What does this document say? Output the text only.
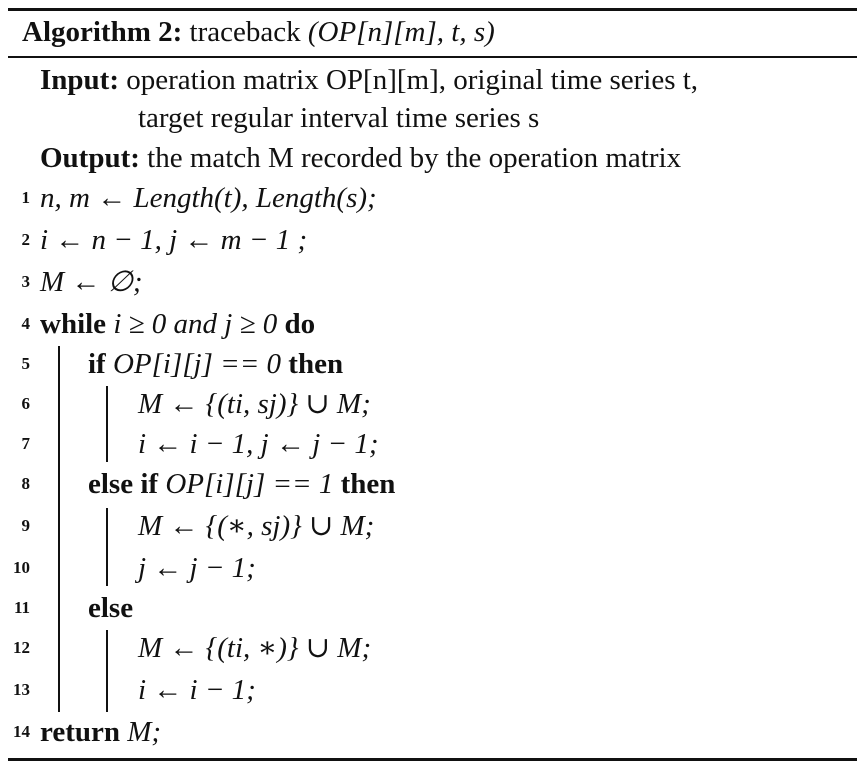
Algorithm 2: traceback (OP[n][m], t, s)
Input: operation matrix OP[n][m], original time series t,
target regular interval time series s
Output: the match M recorded by the operation matrix
1 n, m ← Length(t), Length(s);
2 i ← n − 1, j ← m − 1 ;
3 M ← ∅;
4 while i ≥ 0 and j ≥ 0 do
5 if OP[i][j] == 0 then
6	M ← {(ti, sj)} ∪ M;
7	i ← i − 1, j ← j − 1;
8 else if OP[i][j] == 1 then
9	M ← {(∗, sj)} ∪ M;
10	j ← j − 1;
11 else
12	M ← {(ti, ∗)} ∪ M;
13	i ← i − 1;
14 return M;
